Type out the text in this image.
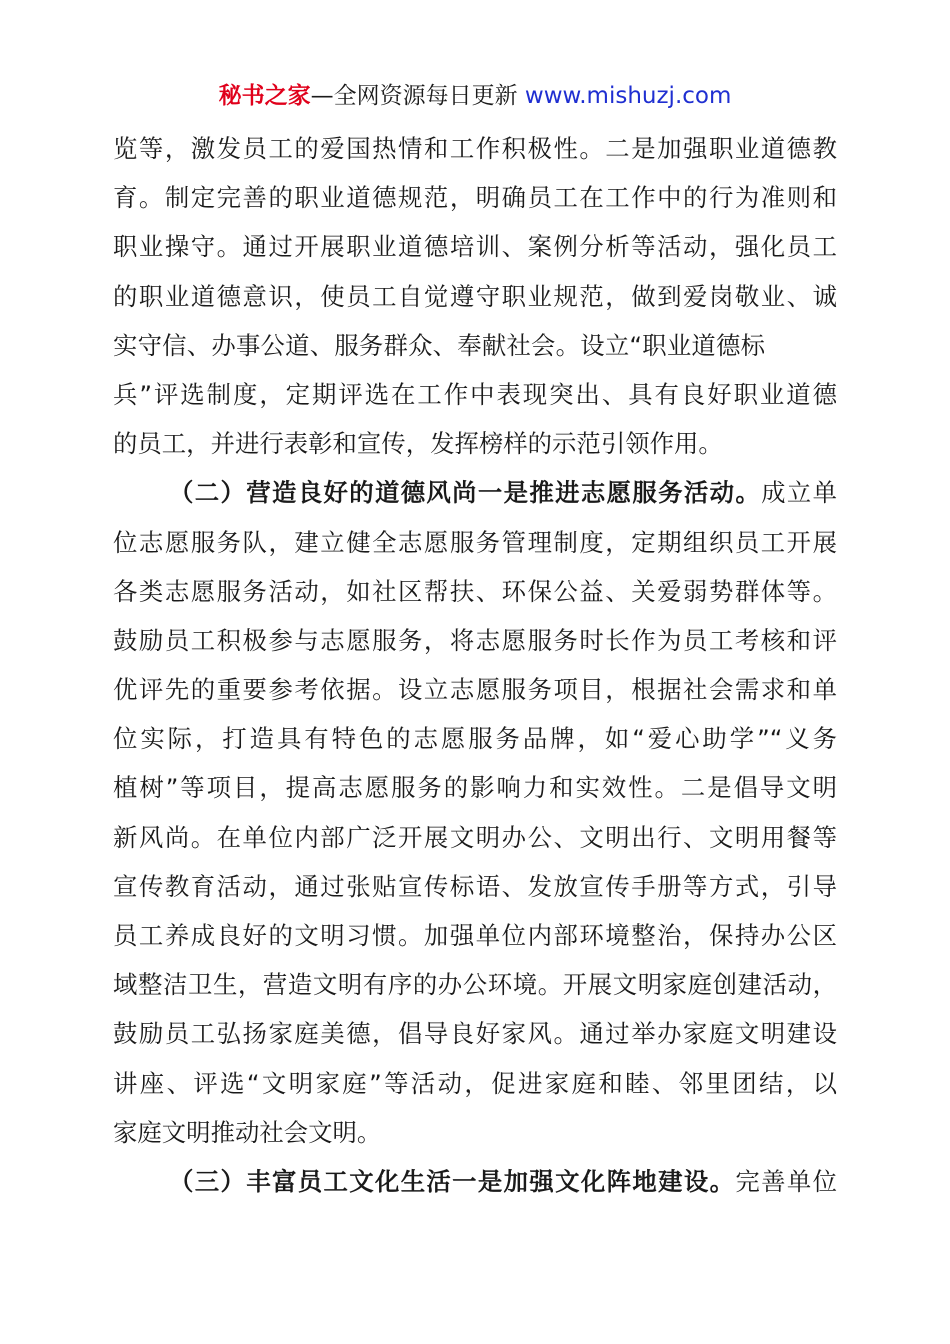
秘书之家—全网资源每日更新 www.mishuzj.com
览等，激发员工的爱国热情和工作积极性。二是加强职业道德教
育。制定完善的职业道德规范，明确员工在工作中的行为准则和
职业操守。通过开展职业道德培训、案例分析等活动，强化员工
的职业道德意识，使员工自觉遵守职业规范，做到爱岗敬业、诚
实守信、办事公道、服务群众、奉献社会。设立“职业道德标
兵”评选制度，定期评选在工作中表现突出、具有良好职业道德
的员工，并进行表彰和宣传，发挥榜样的示范引领作用。
（二）营造良好的道德风尚一是推进志愿服务活动。成立单
位志愿服务队，建立健全志愿服务管理制度，定期组织员工开展
各类志愿服务活动，如社区帮扶、环保公益、关爱弱势群体等。
鼓励员工积极参与志愿服务，将志愿服务时长作为员工考核和评
优评先的重要参考依据。设立志愿服务项目，根据社会需求和单
位实际，打造具有特色的志愿服务品牌，如“爱心助学”“义务
植树”等项目，提高志愿服务的影响力和实效性。二是倡导文明
新风尚。在单位内部广泛开展文明办公、文明出行、文明用餐等
宣传教育活动，通过张贴宣传标语、发放宣传手册等方式，引导
员工养成良好的文明习惯。加强单位内部环境整治，保持办公区
域整洁卫生，营造文明有序的办公环境。开展文明家庭创建活动，
鼓励员工弘扬家庭美德，倡导良好家风。通过举办家庭文明建设
讲座、评选“文明家庭”等活动，促进家庭和睦、邻里团结，以
家庭文明推动社会文明。
（三）丰富员工文化生活一是加强文化阵地建设。完善单位
